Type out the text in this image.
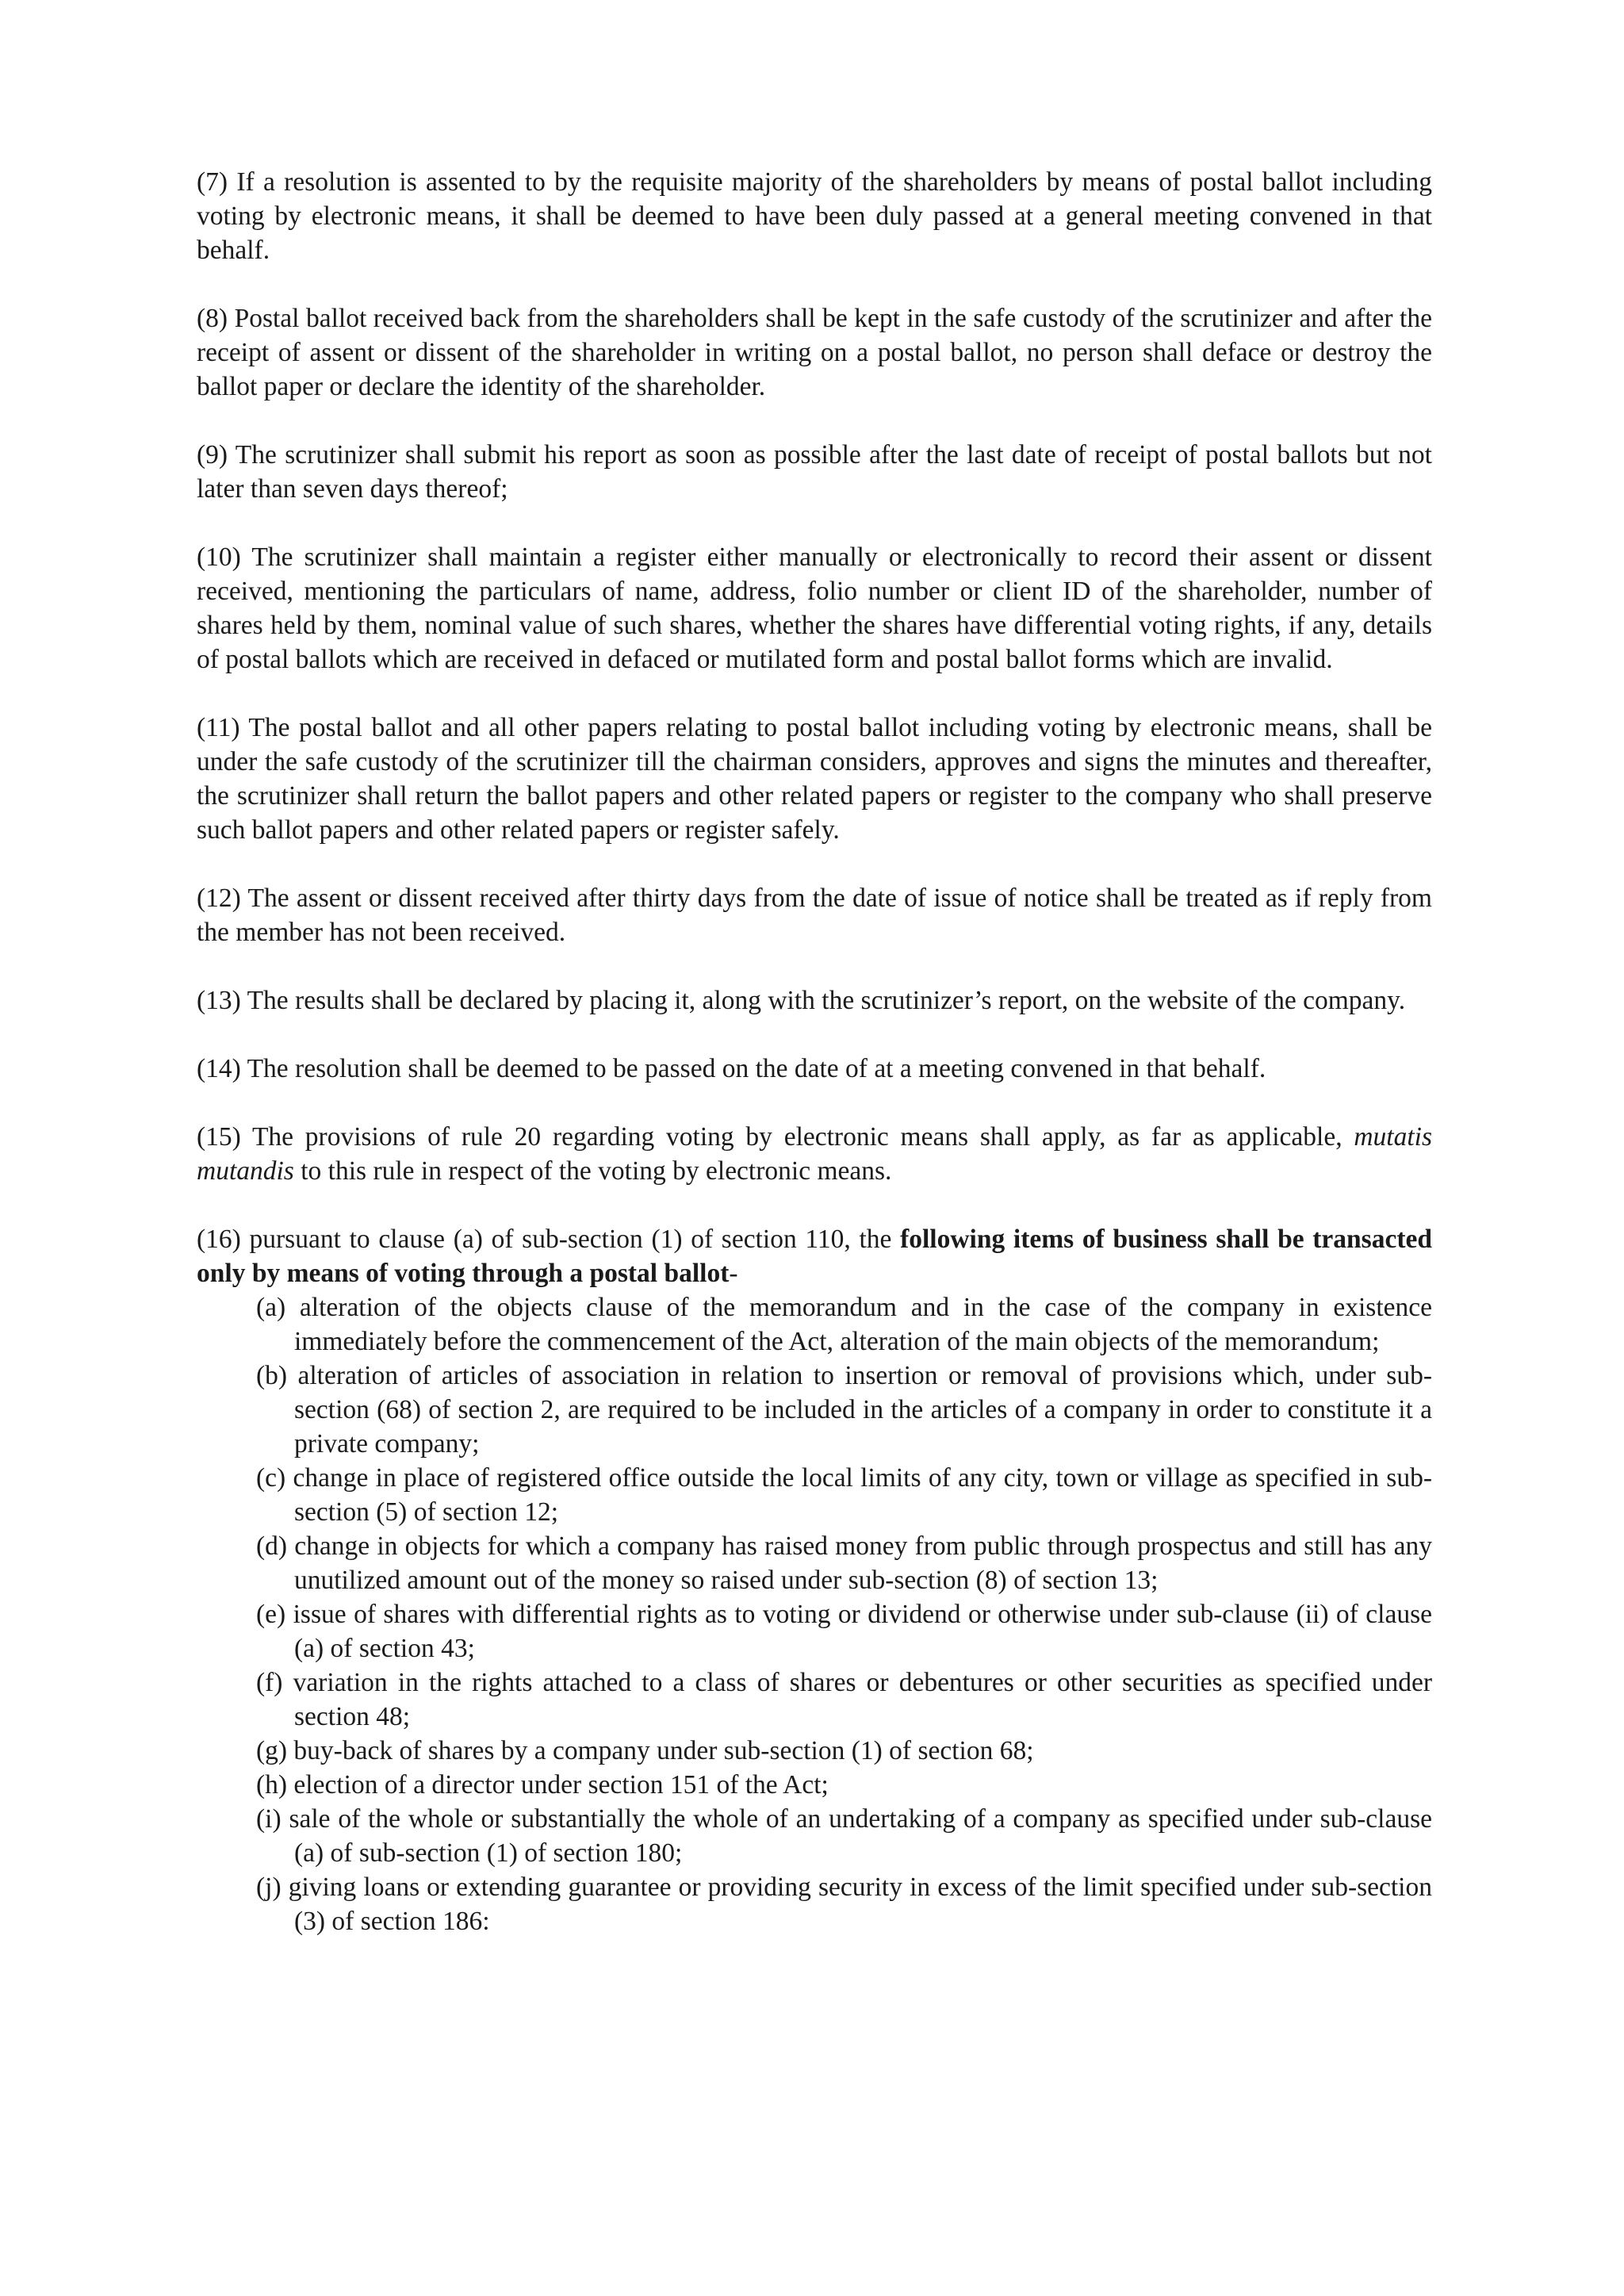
(7) If a resolution is assented to by the requisite majority of the shareholders by means of postal ballot including voting by electronic means, it shall be deemed to have been duly passed at a general meeting convened in that behalf.

(8) Postal ballot received back from the shareholders shall be kept in the safe custody of the scrutinizer and after the receipt of assent or dissent of the shareholder in writing on a postal ballot, no person shall deface or destroy the ballot paper or declare the identity of the shareholder.

(9) The scrutinizer shall submit his report as soon as possible after the last date of receipt of postal ballots but not later than seven days thereof;

(10) The scrutinizer shall maintain a register either manually or electronically to record their assent or dissent received, mentioning the particulars of name, address, folio number or client ID of the shareholder, number of shares held by them, nominal value of such shares, whether the shares have differential voting rights, if any, details of postal ballots which are received in defaced or mutilated form and postal ballot forms which are invalid.

(11) The postal ballot and all other papers relating to postal ballot including voting by electronic means, shall be under the safe custody of the scrutinizer till the chairman considers, approves and signs the minutes and thereafter, the scrutinizer shall return the ballot papers and other related papers or register to the company who shall preserve such ballot papers and other related papers or register safely.

(12) The assent or dissent received after thirty days from the date of issue of notice shall be treated as if reply from the member has not been received.

(13) The results shall be declared by placing it, along with the scrutinizer’s report, on the website of the company.

(14) The resolution shall be deemed to be passed on the date of at a meeting convened in that behalf.

(15) The provisions of rule 20 regarding voting by electronic means shall apply, as far as applicable, mutatis mutandis to this rule in respect of the voting by electronic means.

(16) pursuant to clause (a) of sub-section (1) of section 110, the following items of business shall be transacted only by means of voting through a postal ballot-

(a) alteration of the objects clause of the memorandum and in the case of the company in existence immediately before the commencement of the Act, alteration of the main objects of the memorandum;
(b) alteration of articles of association in relation to insertion or removal of provisions which, under sub-section (68) of section 2, are required to be included in the articles of a company in order to constitute it a private company;
(c) change in place of registered office outside the local limits of any city, town or village as specified in sub-section (5) of section 12;
(d) change in objects for which a company has raised money from public through prospectus and still has any unutilized amount out of the money so raised under sub-section (8) of section 13;
(e) issue of shares with differential rights as to voting or dividend or otherwise under sub-clause (ii) of clause (a) of section 43;
(f) variation in the rights attached to a class of shares or debentures or other securities as specified under section 48;
(g) buy-back of shares by a company under sub-section (1) of section 68;
(h) election of a director under section 151 of the Act;
(i) sale of the whole or substantially the whole of an undertaking of a company as specified under sub-clause (a) of sub-section (1) of section 180;
(j) giving loans or extending guarantee or providing security in excess of the limit specified under sub-section (3) of section 186:
